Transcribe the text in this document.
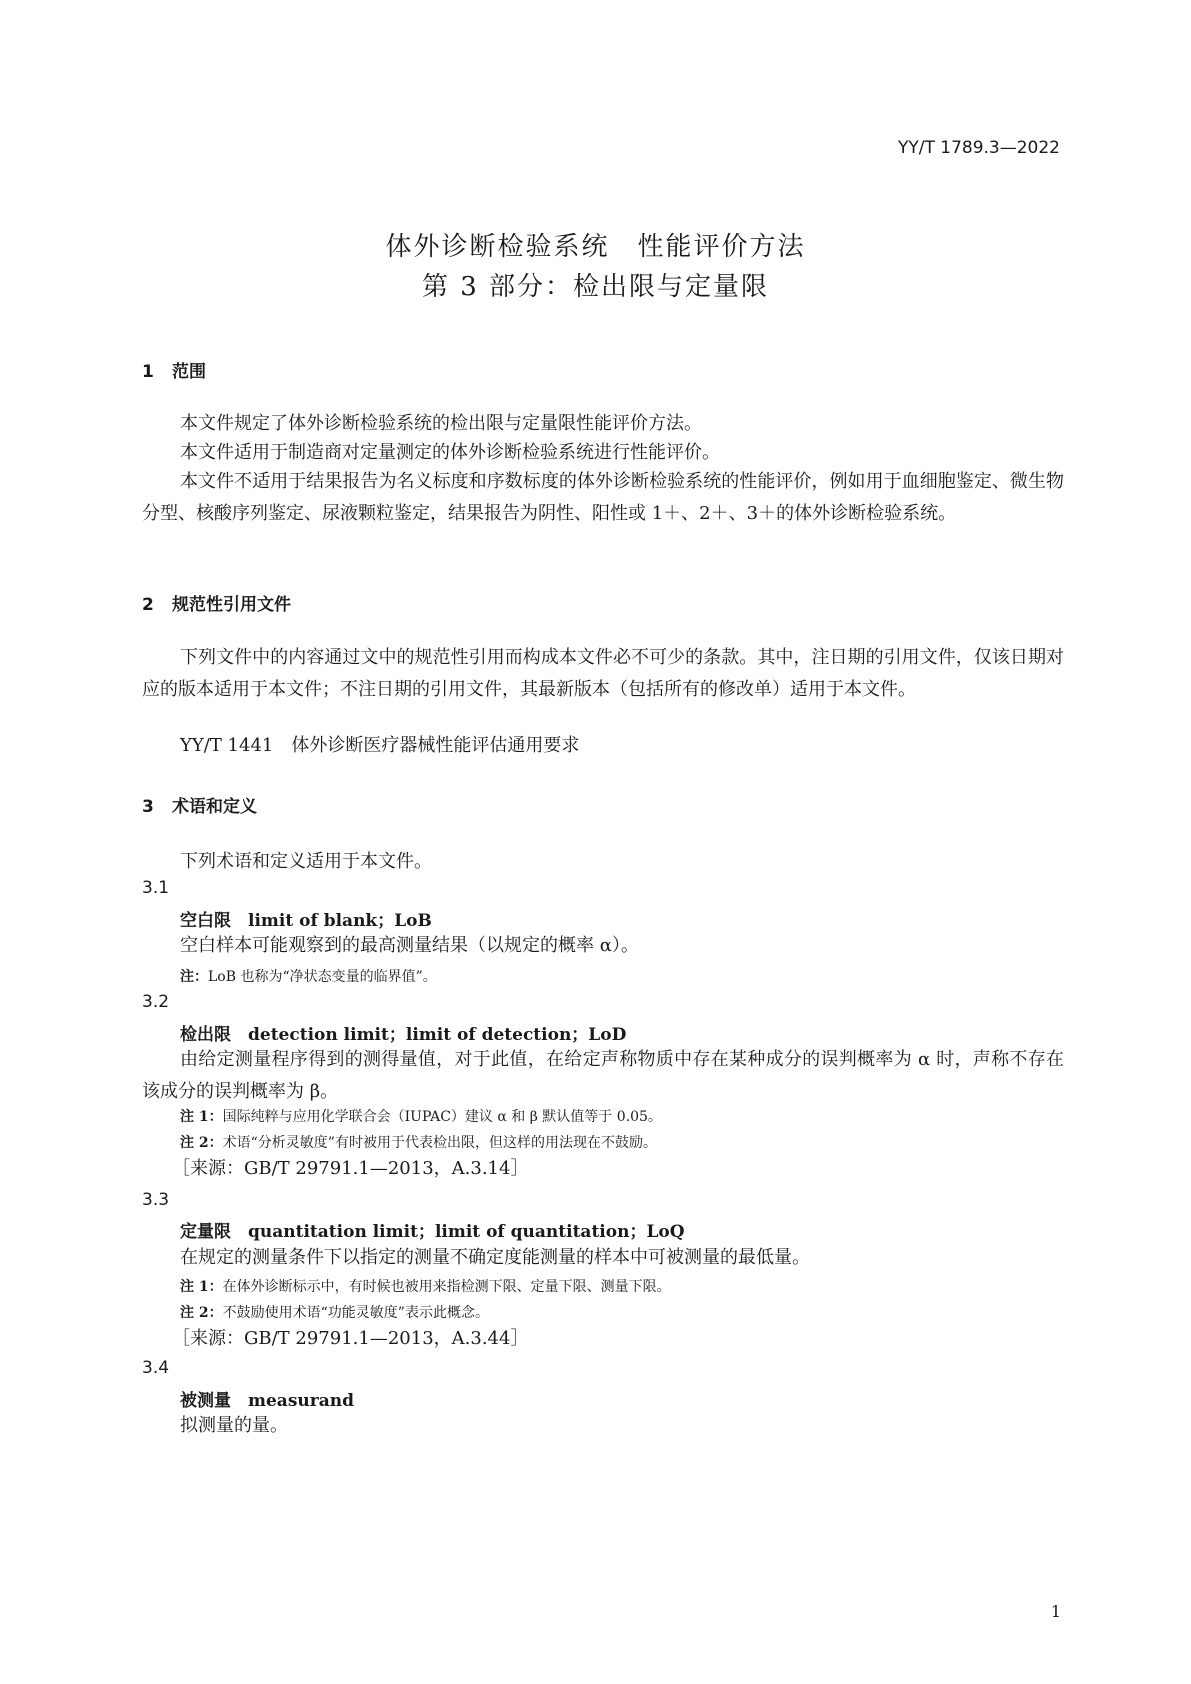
YY/T 1789.3—2022
体外诊断检验系统　性能评价方法
第 3 部分：检出限与定量限
1 范围
本文件规定了体外诊断检验系统的检出限与定量限性能评价方法。
本文件适用于制造商对定量测定的体外诊断检验系统进行性能评价。
本文件不适用于结果报告为名义标度和序数标度的体外诊断检验系统的性能评价，例如用于血细胞鉴定、微生物分型、核酸序列鉴定、尿液颗粒鉴定，结果报告为阴性、阳性或 1＋、2＋、3＋的体外诊断检验系统。
2 规范性引用文件
下列文件中的内容通过文中的规范性引用而构成本文件必不可少的条款。其中，注日期的引用文件，仅该日期对应的版本适用于本文件；不注日期的引用文件，其最新版本（包括所有的修改单）适用于本文件。
YY/T 1441　体外诊断医疗器械性能评估通用要求
3 术语和定义
下列术语和定义适用于本文件。
3.1
空白限　limit of blank；LoB
空白样本可能观察到的最高测量结果（以规定的概率 α）。
注：LoB 也称为“净状态变量的临界值”。
3.2
检出限　detection limit；limit of detection；LoD
由给定测量程序得到的测得量值，对于此值，在给定声称物质中存在某种成分的误判概率为 α 时，声称不存在该成分的误判概率为 β。
注 1：国际纯粹与应用化学联合会（IUPAC）建议 α 和 β 默认值等于 0.05。
注 2：术语“分析灵敏度”有时被用于代表检出限，但这样的用法现在不鼓励。
［来源：GB/T 29791.1—2013，A.3.14］
3.3
定量限　quantitation limit；limit of quantitation；LoQ
在规定的测量条件下以指定的测量不确定度能测量的样本中可被测量的最低量。
注 1：在体外诊断标示中，有时候也被用来指检测下限、定量下限、测量下限。
注 2：不鼓励使用术语“功能灵敏度”表示此概念。
［来源：GB/T 29791.1—2013，A.3.44］
3.4
被测量　measurand
拟测量的量。
1
